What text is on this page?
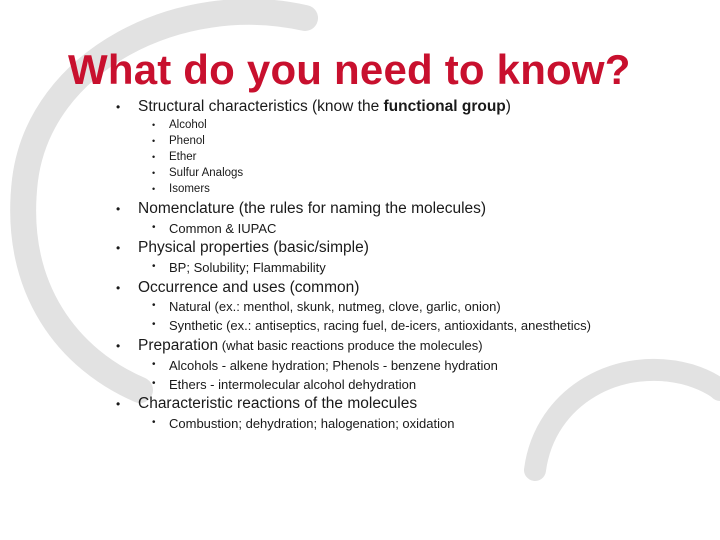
What do you need to know?
• Structural characteristics (know the functional group)
• Alcohol
• Phenol
• Ether
• Sulfur Analogs
• Isomers
• Nomenclature (the rules for naming the molecules)
• Common & IUPAC
• Physical properties (basic/simple)
• BP; Solubility; Flammability
• Occurrence and uses (common)
• Natural (ex.: menthol, skunk, nutmeg, clove, garlic, onion)
• Synthetic (ex.: antiseptics, racing fuel, de-icers, antioxidants, anesthetics)
• Preparation (what basic reactions produce the molecules)
• Alcohols - alkene hydration; Phenols - benzene hydration
• Ethers - intermolecular alcohol dehydration
• Characteristic reactions of the molecules
• Combustion; dehydration; halogenation; oxidation
